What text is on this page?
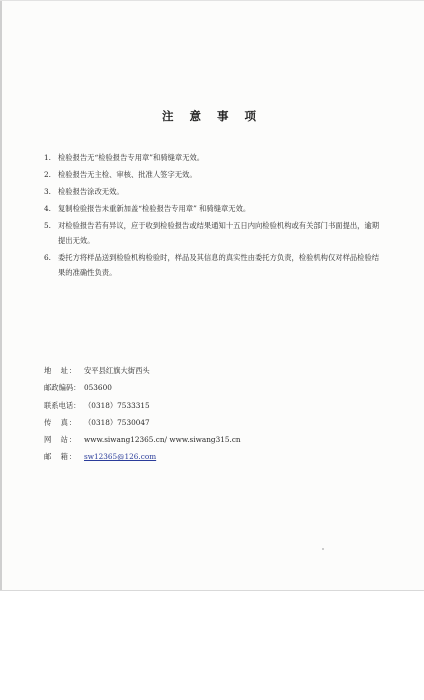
注 意 事 项
1. 检验报告无“检验报告专用章”和骑缝章无效。
2. 检验报告无主检、审核、批准人签字无效。
3. 检验报告涂改无效。
4. 复制检验报告未重新加盖“检验报告专用章” 和骑缝章无效。
5. 对检验报告若有异议，应于收到检验报告或结果通知十五日内向检验机构或有关部门书面提出，逾期提出无效。
6. 委托方将样品送到检验机构检验时，样品及其信息的真实性由委托方负责，检验机构仅对样品检验结果的准确性负责。
地　址： 安平县红旗大街西头
邮政编码： 053600
联系电话： （0318）7533315
传　真： （0318）7530047
网　站： www.siwang12365.cn/ www.siwang315.cn
邮　箱： sw12365@126.com
